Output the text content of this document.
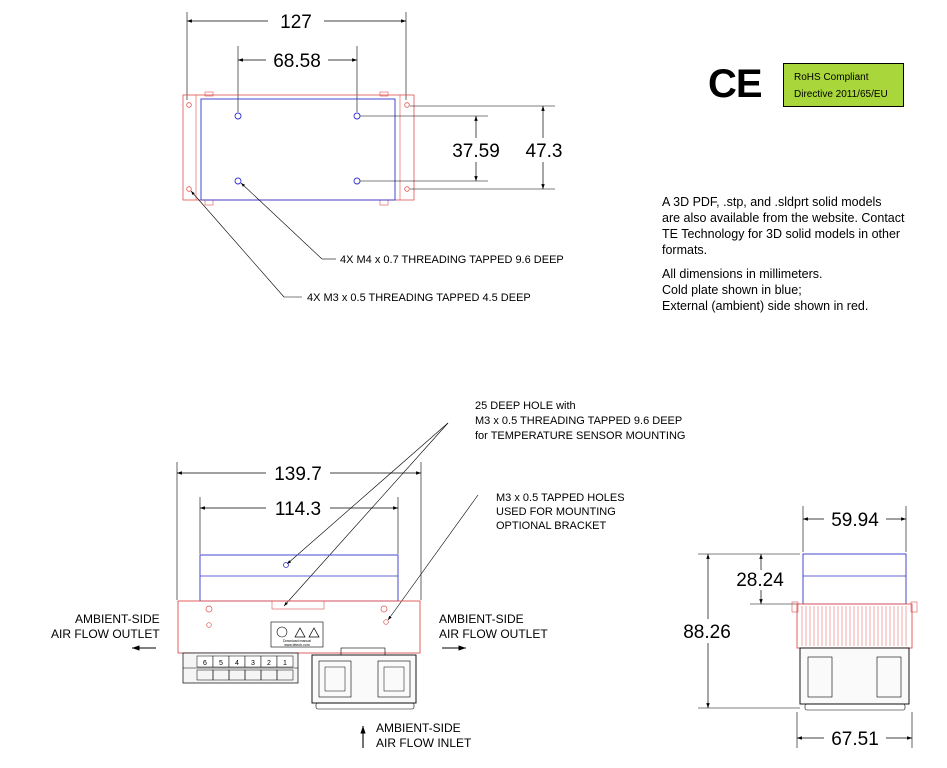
127
68.58
37.59 47.3
4X M4 x 0.7 THREADING TAPPED 9.6 DEEP
4X M3 x 0.5 THREADING TAPPED 4.5 DEEP
25 DEEP HOLE with
M3 x 0.5 THREADING TAPPED 9.6 DEEP
for TEMPERATURE SENSOR MOUNTING
M3 x 0.5 TAPPED HOLES
USED FOR MOUNTING
OPTIONAL BRACKET
139.7
114.3
Download manual
www.tetech.com
6 5 4 3 2 1
AMBIENT-SIDE
AIR FLOW OUTLET
AMBIENT-SIDE
AIR FLOW OUTLET
AMBIENT-SIDE
AIR FLOW INLET
59.94
67.51
28.24
88.26
CE	RoHS Compliant
Directive 2011/65/EU
A 3D PDF, .stp, and .sldprt solid models
are also available from the website. Contact
TE Technology for 3D solid models in other
formats.
All dimensions in millimeters.
Cold plate shown in blue;
External (ambient) side shown in red.
